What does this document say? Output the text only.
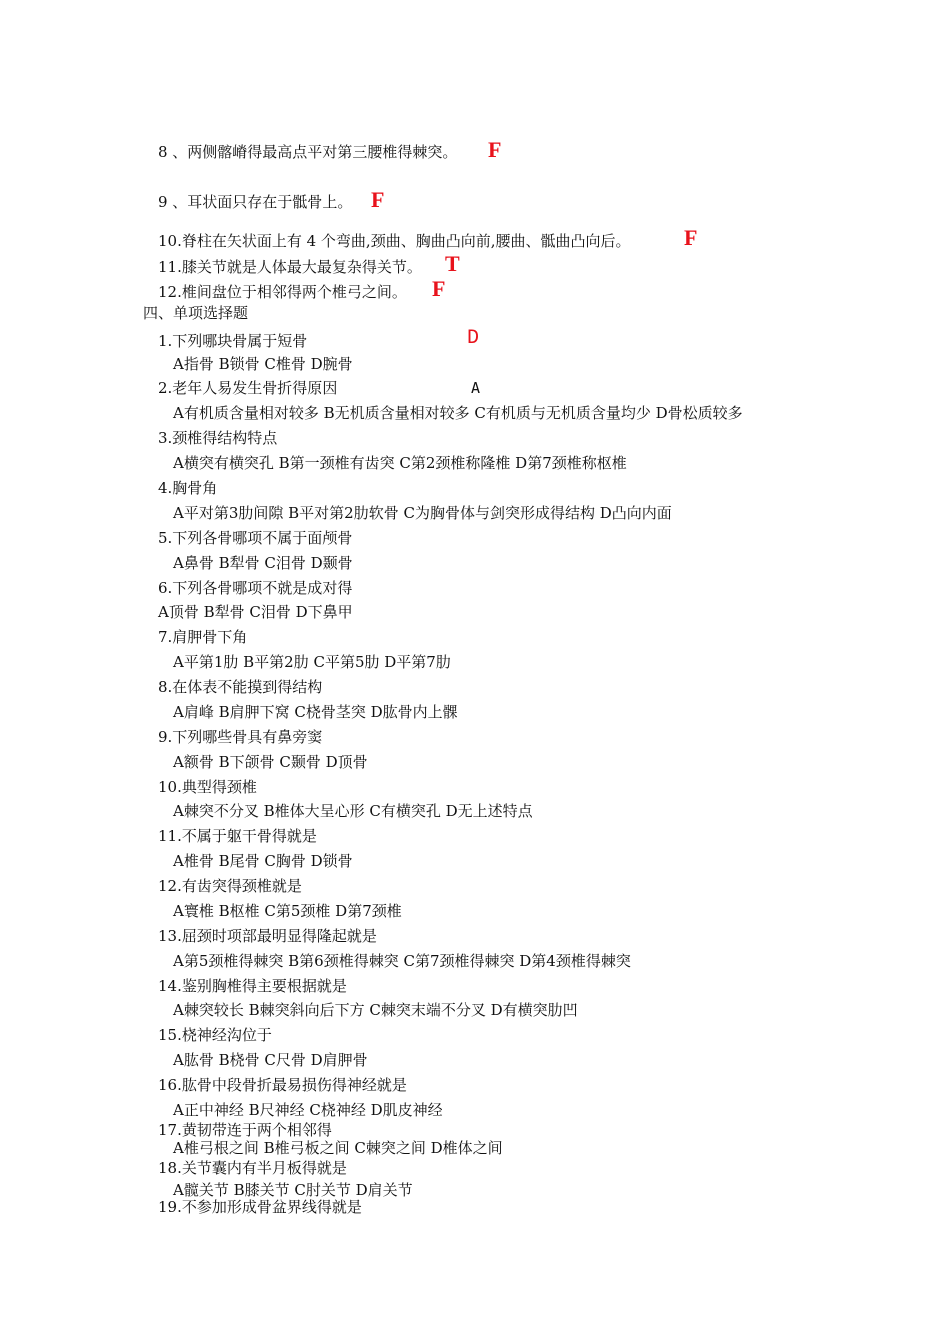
8 、两侧髂嵴得最高点平对第三腰椎得棘突。 F
9 、耳状面只存在于骶骨上。 F
10.脊柱在矢状面上有 4 个弯曲,颈曲、胸曲凸向前,腰曲、骶曲凸向后。 F
11.膝关节就是人体最大最复杂得关节。 T
12.椎间盘位于相邻得两个椎弓之间。 F
四、单项选择题
1.下列哪块骨属于短骨	D
A指骨 B锁骨 C椎骨 D腕骨
2.老年人易发生骨折得原因	A
A有机质含量相对较多 B无机质含量相对较多 C有机质与无机质含量均少 D骨松质较多
3.颈椎得结构特点
A横突有横突孔 B第一颈椎有齿突 C第2颈椎称隆椎 D第7颈椎称枢椎
4.胸骨角
A平对第3肋间隙 B平对第2肋软骨 C为胸骨体与剑突形成得结构 D凸向内面
5.下列各骨哪项不属于面颅骨
A鼻骨 B犁骨 C泪骨 D颞骨
6.下列各骨哪项不就是成对得
A顶骨 B犁骨 C泪骨 D下鼻甲
7.肩胛骨下角
A平第1肋 B平第2肋 C平第5肋 D平第7肋
8.在体表不能摸到得结构
A肩峰 B肩胛下窝 C桡骨茎突 D肱骨内上髁
9.下列哪些骨具有鼻旁窦
A额骨 B下颌骨 C颞骨 D顶骨
10.典型得颈椎
A棘突不分叉 B椎体大呈心形 C有横突孔 D无上述特点
11.不属于躯干骨得就是
A椎骨 B尾骨 C胸骨 D锁骨
12.有齿突得颈椎就是
A寰椎 B枢椎 C第5颈椎 D第7颈椎
13.屈颈时项部最明显得隆起就是
A第5颈椎得棘突 B第6颈椎得棘突 C第7颈椎得棘突 D第4颈椎得棘突
14.鉴别胸椎得主要根据就是
A棘突较长 B棘突斜向后下方 C棘突末端不分叉 D有横突肋凹
15.桡神经沟位于
A肱骨 B桡骨 C尺骨 D肩胛骨
16.肱骨中段骨折最易损伤得神经就是
A正中神经 B尺神经 C桡神经 D肌皮神经
17.黄韧带连于两个相邻得
A椎弓根之间 B椎弓板之间 C棘突之间 D椎体之间
18.关节囊内有半月板得就是
A髋关节 B膝关节 C肘关节 D肩关节
19.不参加形成骨盆界线得就是
